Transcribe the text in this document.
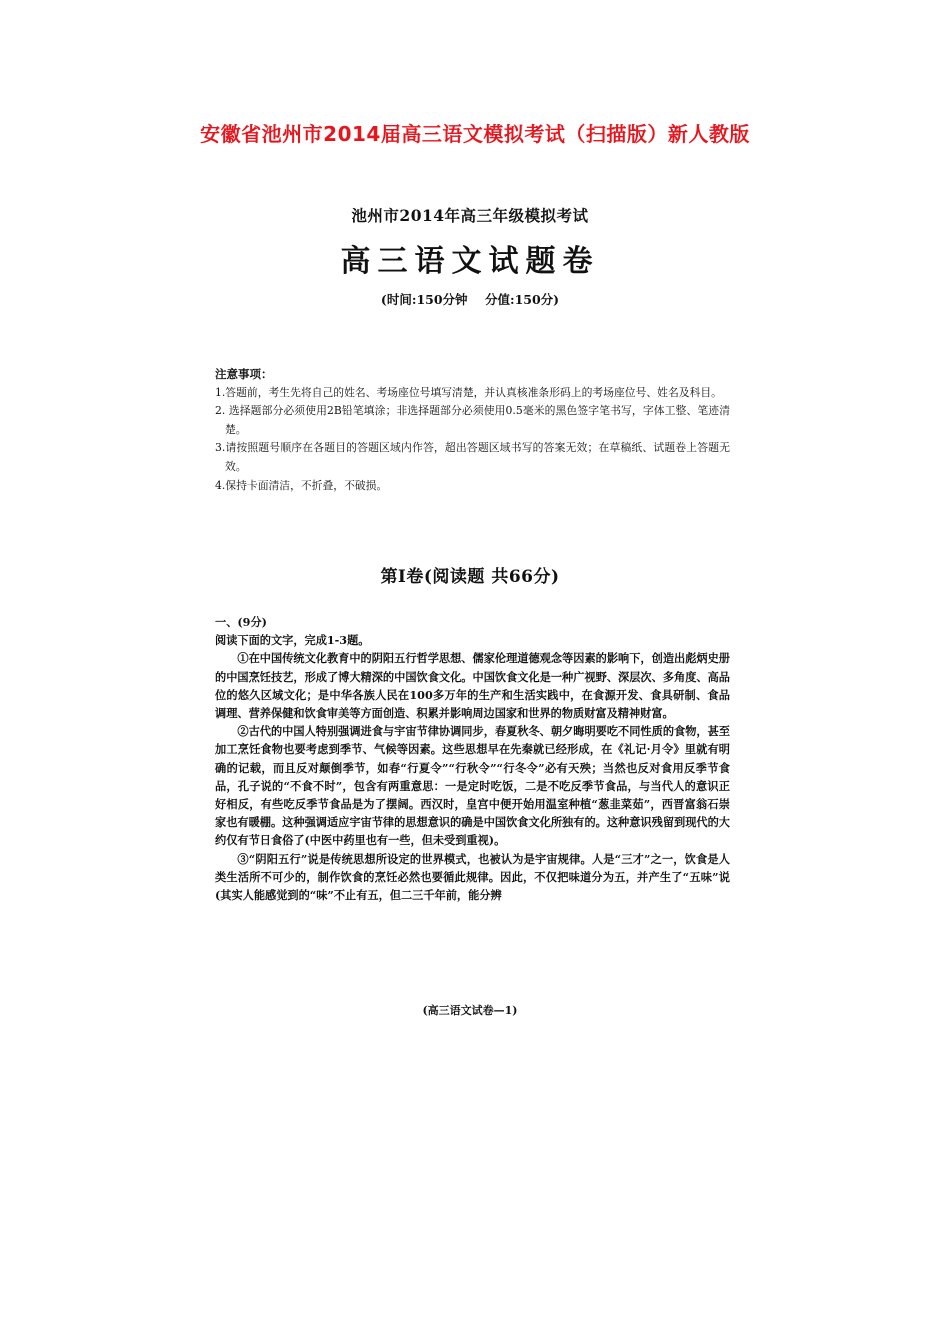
安徽省池州市2014届高三语文模拟考试（扫描版）新人教版
池州市2014年高三年级模拟考试
高三语文试题卷
(时间:150分钟    分值:150分)
注意事项：
1.答题前，考生先将自己的姓名、考场座位号填写清楚，并认真核准条形码上的考场座位号、姓名及科目。
2. 选择题部分必须使用2B铅笔填涂；非选择题部分必须使用0.5毫米的黑色签字笔书写，字体工整、笔迹清楚。
3.请按照题号顺序在各题目的答题区域内作答，超出答题区域书写的答案无效；在草稿纸、试题卷上答题无效。
4.保持卡面清洁，不折叠，不破损。
第I卷(阅读题 共66分)
一、(9分)
阅读下面的文字，完成1-3题。

①在中国传统文化教育中的阴阳五行哲学思想、儒家伦理道德观念等因素的影响下，创造出彪炳史册的中国烹饪技艺，形成了博大精深的中国饮食文化。中国饮食文化是一种广视野、深层次、多角度、高品位的悠久区域文化；是中华各族人民在100多万年的生产和生活实践中，在食源开发、食具研制、食品调理、营养保健和饮食审美等方面创造、积累并影响周边国家和世界的物质财富及精神财富。

②古代的中国人特别强调进食与宇宙节律协调同步，春夏秋冬、朝夕晦明要吃不同性质的食物，甚至加工烹饪食物也要考虑到季节、气候等因素。这些思想早在先秦就已经形成，在《礼记·月令》里就有明确的记载，而且反对颠倒季节，如春“行夏令”“行秋令”“行冬令”必有天殃；当然也反对食用反季节食品，孔子说的“不食不时”，包含有两重意思：一是定时吃饭，二是不吃反季节食品，与当代人的意识正好相反，有些吃反季节食品是为了摆阔。西汉时，皇宫中便开始用温室种植“葱韭菜茹”，西晋富翁石崇家也有暖棚。这种强调适应宇宙节律的思想意识的确是中国饮食文化所独有的。这种意识残留到现代的大约仅有节日食俗了(中医中药里也有一些，但未受到重视)。

③“阴阳五行”说是传统思想所设定的世界模式，也被认为是宇宙规律。人是“三才”之一，饮食是人类生活所不可少的，制作饮食的烹饪必然也要循此规律。因此，不仅把味道分为五，并产生了“五味”说(其实人能感觉到的“味”不止有五，但二三千年前，能分辨

(高三语文试卷—1)
